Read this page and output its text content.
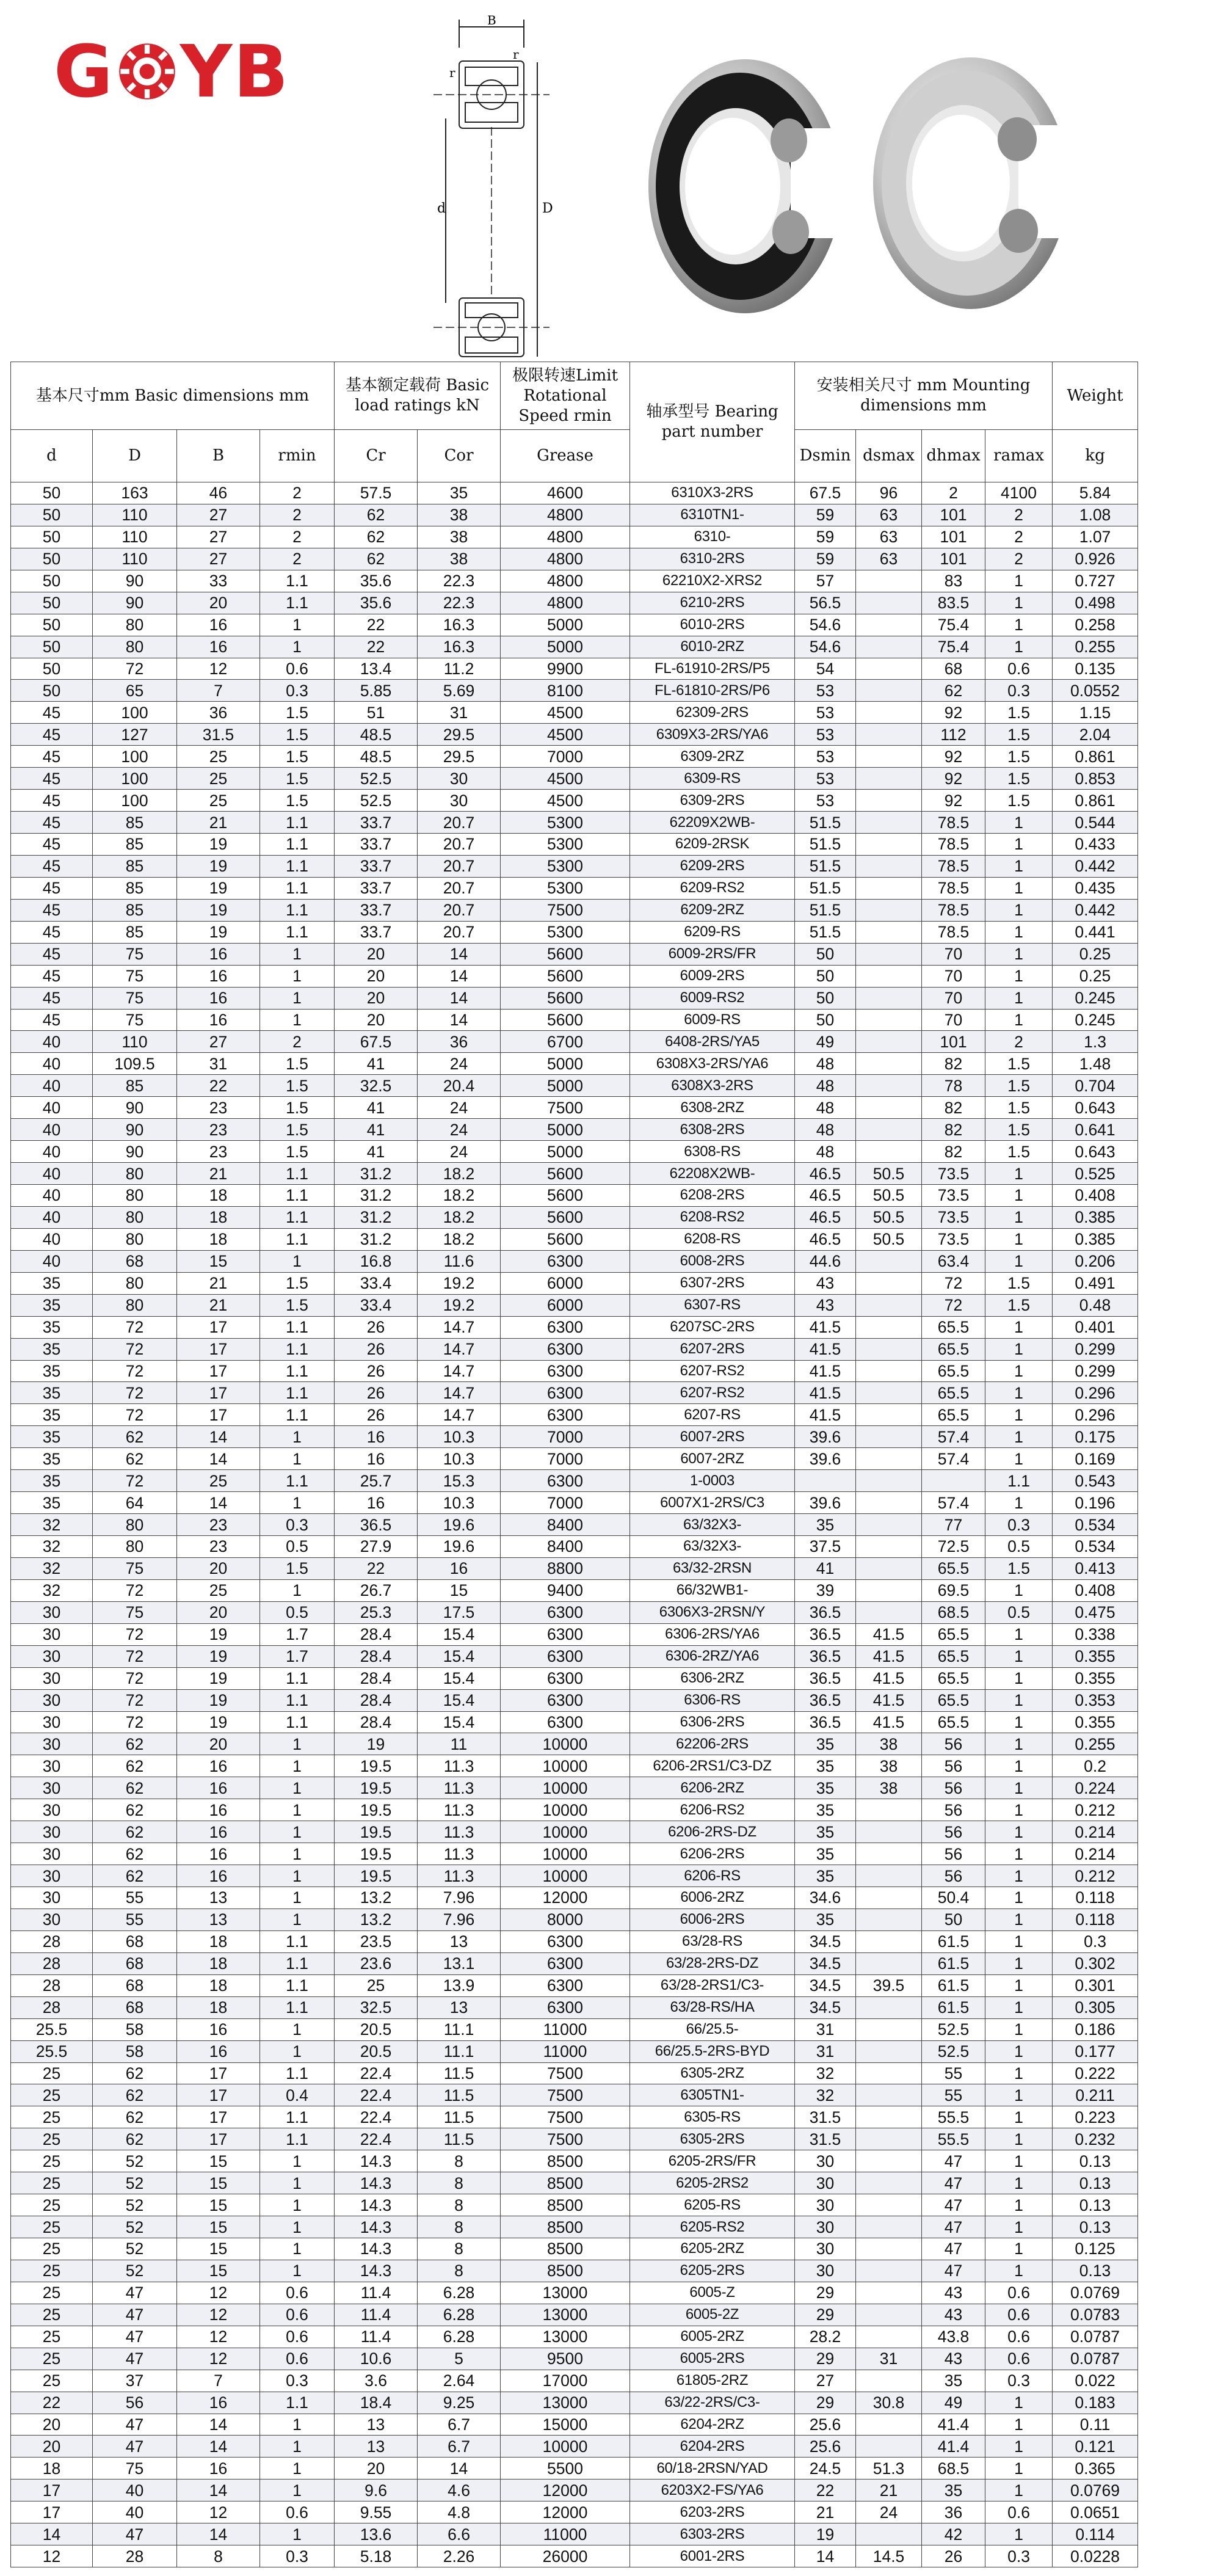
G YB
B
r
r
d	D
基本尺寸mm Basic dimensions mm				基本额定载荷 Basic load ratings kN		极限转速Limit Rotational Speed rmin	轴承型号 Bearing part number	安装相关尺寸 mm Mounting dimensions mm				Weight
d	D	B	rmin	Cr	Cor	Grease		Dsmin	dsmax	dhmax	ramax	kg
50	163	46	2	57.5	35	4600	6310X3-2RS	67.5	96	2	4100	5.84
50	110	27	2	62	38	4800	6310TN1-	59	63	101	2	1.08
50	110	27	2	62	38	4800	6310-	59	63	101	2	1.07
50	110	27	2	62	38	4800	6310-2RS	59	63	101	2	0.926
50	90	33	1.1	35.6	22.3	4800	62210X2-XRS2	57		83	1	0.727
50	90	20	1.1	35.6	22.3	4800	6210-2RS	56.5		83.5	1	0.498
50	80	16	1	22	16.3	5000	6010-2RS	54.6		75.4	1	0.258
50	80	16	1	22	16.3	5000	6010-2RZ	54.6		75.4	1	0.255
50	72	12	0.6	13.4	11.2	9900	FL-61910-2RS/P5	54		68	0.6	0.135
50	65	7	0.3	5.85	5.69	8100	FL-61810-2RS/P6	53		62	0.3	0.0552
45	100	36	1.5	51	31	4500	62309-2RS	53		92	1.5	1.15
45	127	31.5	1.5	48.5	29.5	4500	6309X3-2RS/YA6	53		112	1.5	2.04
45	100	25	1.5	48.5	29.5	7000	6309-2RZ	53		92	1.5	0.861
45	100	25	1.5	52.5	30	4500	6309-RS	53		92	1.5	0.853
45	100	25	1.5	52.5	30	4500	6309-2RS	53		92	1.5	0.861
45	85	21	1.1	33.7	20.7	5300	62209X2WB-	51.5		78.5	1	0.544
45	85	19	1.1	33.7	20.7	5300	6209-2RSK	51.5		78.5	1	0.433
45	85	19	1.1	33.7	20.7	5300	6209-2RS	51.5		78.5	1	0.442
45	85	19	1.1	33.7	20.7	5300	6209-RS2	51.5		78.5	1	0.435
45	85	19	1.1	33.7	20.7	7500	6209-2RZ	51.5		78.5	1	0.442
45	85	19	1.1	33.7	20.7	5300	6209-RS	51.5		78.5	1	0.441
45	75	16	1	20	14	5600	6009-2RS/FR	50		70	1	0.25
45	75	16	1	20	14	5600	6009-2RS	50		70	1	0.25
45	75	16	1	20	14	5600	6009-RS2	50		70	1	0.245
45	75	16	1	20	14	5600	6009-RS	50		70	1	0.245
40	110	27	2	67.5	36	6700	6408-2RS/YA5	49		101	2	1.3
40	109.5	31	1.5	41	24	5000	6308X3-2RS/YA6	48		82	1.5	1.48
40	85	22	1.5	32.5	20.4	5000	6308X3-2RS	48		78	1.5	0.704
40	90	23	1.5	41	24	7500	6308-2RZ	48		82	1.5	0.643
40	90	23	1.5	41	24	5000	6308-2RS	48		82	1.5	0.641
40	90	23	1.5	41	24	5000	6308-RS	48		82	1.5	0.643
40	80	21	1.1	31.2	18.2	5600	62208X2WB-	46.5	50.5	73.5	1	0.525
40	80	18	1.1	31.2	18.2	5600	6208-2RS	46.5	50.5	73.5	1	0.408
40	80	18	1.1	31.2	18.2	5600	6208-RS2	46.5	50.5	73.5	1	0.385
40	80	18	1.1	31.2	18.2	5600	6208-RS	46.5	50.5	73.5	1	0.385
40	68	15	1	16.8	11.6	6300	6008-2RS	44.6		63.4	1	0.206
35	80	21	1.5	33.4	19.2	6000	6307-2RS	43		72	1.5	0.491
35	80	21	1.5	33.4	19.2	6000	6307-RS	43		72	1.5	0.48
35	72	17	1.1	26	14.7	6300	6207SC-2RS	41.5		65.5	1	0.401
35	72	17	1.1	26	14.7	6300	6207-2RS	41.5		65.5	1	0.299
35	72	17	1.1	26	14.7	6300	6207-RS2	41.5		65.5	1	0.299
35	72	17	1.1	26	14.7	6300	6207-RS2	41.5		65.5	1	0.296
35	72	17	1.1	26	14.7	6300	6207-RS	41.5		65.5	1	0.296
35	62	14	1	16	10.3	7000	6007-2RS	39.6		57.4	1	0.175
35	62	14	1	16	10.3	7000	6007-2RZ	39.6		57.4	1	0.169
35	72	25	1.1	25.7	15.3	6300	1-0003				1.1	0.543
35	64	14	1	16	10.3	7000	6007X1-2RS/C3	39.6		57.4	1	0.196
32	80	23	0.3	36.5	19.6	8400	63/32X3-	35		77	0.3	0.534
32	80	23	0.5	27.9	19.6	8400	63/32X3-	37.5		72.5	0.5	0.534
32	75	20	1.5	22	16	8800	63/32-2RSN	41		65.5	1.5	0.413
32	72	25	1	26.7	15	9400	66/32WB1-	39		69.5	1	0.408
30	75	20	0.5	25.3	17.5	6300	6306X3-2RSN/Y	36.5		68.5	0.5	0.475
30	72	19	1.7	28.4	15.4	6300	6306-2RS/YA6	36.5	41.5	65.5	1	0.338
30	72	19	1.7	28.4	15.4	6300	6306-2RZ/YA6	36.5	41.5	65.5	1	0.355
30	72	19	1.1	28.4	15.4	6300	6306-2RZ	36.5	41.5	65.5	1	0.355
30	72	19	1.1	28.4	15.4	6300	6306-RS	36.5	41.5	65.5	1	0.353
30	72	19	1.1	28.4	15.4	6300	6306-2RS	36.5	41.5	65.5	1	0.355
30	62	20	1	19	11	10000	62206-2RS	35	38	56	1	0.255
30	62	16	1	19.5	11.3	10000	6206-2RS1/C3-DZ	35	38	56	1	0.2
30	62	16	1	19.5	11.3	10000	6206-2RZ	35	38	56	1	0.224
30	62	16	1	19.5	11.3	10000	6206-RS2	35		56	1	0.212
30	62	16	1	19.5	11.3	10000	6206-2RS-DZ	35		56	1	0.214
30	62	16	1	19.5	11.3	10000	6206-2RS	35		56	1	0.214
30	62	16	1	19.5	11.3	10000	6206-RS	35		56	1	0.212
30	55	13	1	13.2	7.96	12000	6006-2RZ	34.6		50.4	1	0.118
30	55	13	1	13.2	7.96	8000	6006-2RS	35		50	1	0.118
28	68	18	1.1	23.5	13	6300	63/28-RS	34.5		61.5	1	0.3
28	68	18	1.1	23.6	13.1	6300	63/28-2RS-DZ	34.5		61.5	1	0.302
28	68	18	1.1	25	13.9	6300	63/28-2RS1/C3-	34.5	39.5	61.5	1	0.301
28	68	18	1.1	32.5	13	6300	63/28-RS/HA	34.5		61.5	1	0.305
25.5	58	16	1	20.5	11.1	11000	66/25.5-	31		52.5	1	0.186
25.5	58	16	1	20.5	11.1	11000	66/25.5-2RS-BYD	31		52.5	1	0.177
25	62	17	1.1	22.4	11.5	7500	6305-2RZ	32		55	1	0.222
25	62	17	0.4	22.4	11.5	7500	6305TN1-	32		55	1	0.211
25	62	17	1.1	22.4	11.5	7500	6305-RS	31.5		55.5	1	0.223
25	62	17	1.1	22.4	11.5	7500	6305-2RS	31.5		55.5	1	0.232
25	52	15	1	14.3	8	8500	6205-2RS/FR	30		47	1	0.13
25	52	15	1	14.3	8	8500	6205-2RS2	30		47	1	0.13
25	52	15	1	14.3	8	8500	6205-RS	30		47	1	0.13
25	52	15	1	14.3	8	8500	6205-RS2	30		47	1	0.13
25	52	15	1	14.3	8	8500	6205-2RZ	30		47	1	0.125
25	52	15	1	14.3	8	8500	6205-2RS	30		47	1	0.13
25	47	12	0.6	11.4	6.28	13000	6005-Z	29		43	0.6	0.0769
25	47	12	0.6	11.4	6.28	13000	6005-2Z	29		43	0.6	0.0783
25	47	12	0.6	11.4	6.28	13000	6005-2RZ	28.2		43.8	0.6	0.0787
25	47	12	0.6	10.6	5	9500	6005-2RS	29	31	43	0.6	0.0787
25	37	7	0.3	3.6	2.64	17000	61805-2RZ	27		35	0.3	0.022
22	56	16	1.1	18.4	9.25	13000	63/22-2RS/C3-	29	30.8	49	1	0.183
20	47	14	1	13	6.7	15000	6204-2RZ	25.6		41.4	1	0.11
20	47	14	1	13	6.7	10000	6204-2RS	25.6		41.4	1	0.121
18	75	16	1	20	14	5500	60/18-2RSN/YAD	24.5	51.3	68.5	1	0.365
17	40	14	1	9.6	4.6	12000	6203X2-FS/YA6	22	21	35	1	0.0769
17	40	12	0.6	9.55	4.8	12000	6203-2RS	21	24	36	0.6	0.0651
14	47	14	1	13.6	6.6	11000	6303-2RS	19		42	1	0.114
12	28	8	0.3	5.18	2.26	26000	6001-2RS	14	14.5	26	0.3	0.0228
